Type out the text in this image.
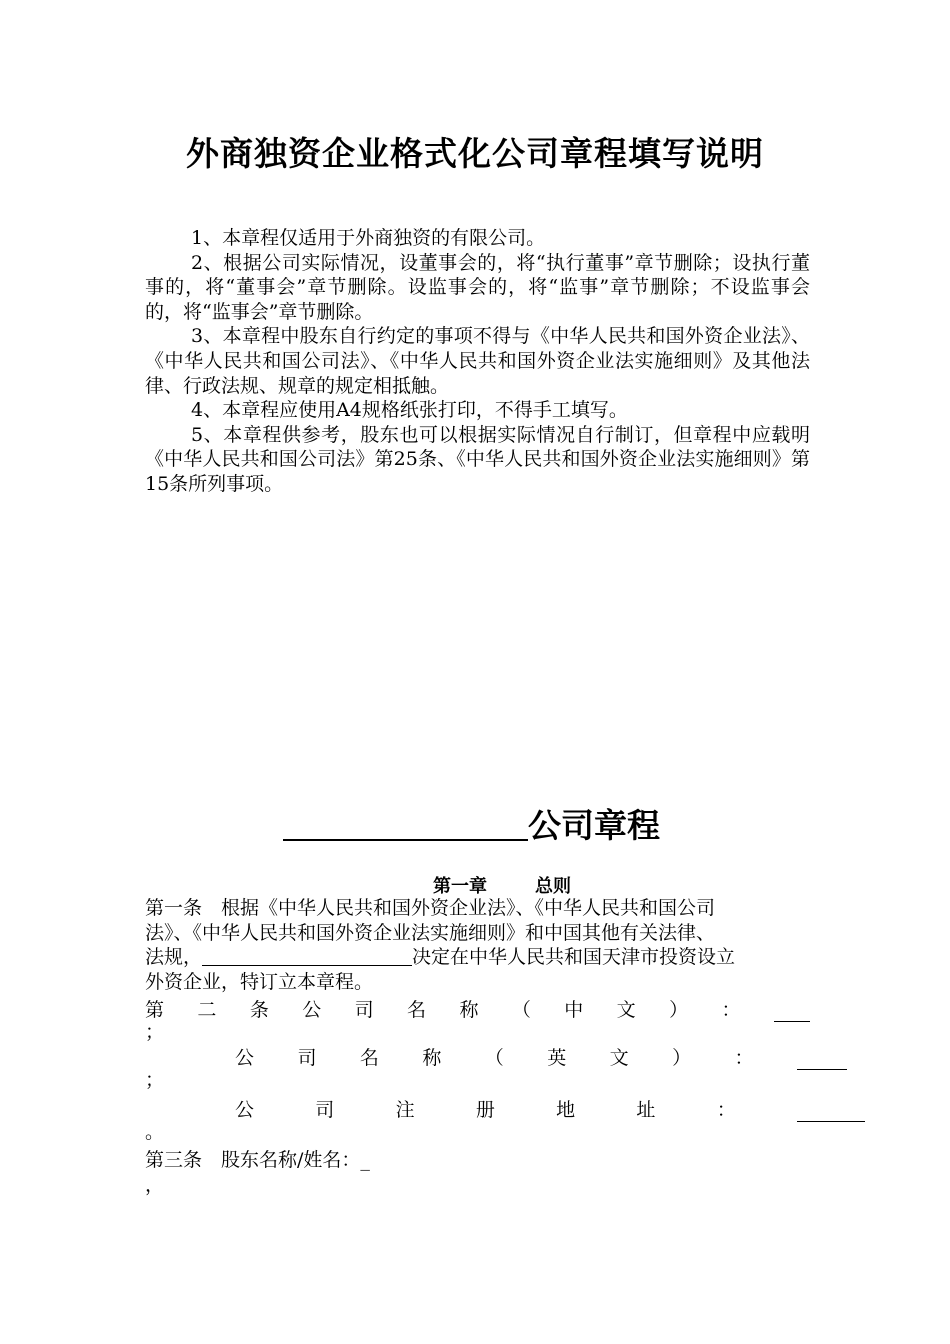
外商独资企业格式化公司章程填写说明

1、本章程仅适用于外商独资的有限公司。

2、根据公司实际情况，设董事会的，将“执行董事”章节删除；设执行董事的，将“董事会”章节删除。设监事会的，将“监事”章节删除；不设监事会的，将“监事会”章节删除。

3、本章程中股东自行约定的事项不得与《中华人民共和国外资企业法》、《中华人民共和国公司法》、《中华人民共和国外资企业法实施细则》及其他法律、行政法规、规章的规定相抵触。

4、本章程应使用A4规格纸张打印，不得手工填写。

5、本章程供参考，股东也可以根据实际情况自行制订，但章程中应载明《中华人民共和国公司法》第25条、《中华人民共和国外资企业法实施细则》第15条所列事项。

公司章程
第一章	总则
第一条　根据《中华人民共和国外资企业法》、《中华人民共和国公司
法》、《中华人民共和国外资企业法实施细则》和中国其他有关法律、
法规，	决定在中华人民共和国天津市投资设立
外资企业，特订立本章程。
第 二 条 公 司 名 称 （ 中 文 ） ：
；
公 司 名 称 （ 英 文 ） ：
；
公	司	注	册	地	址	：
。
第三条　股东名称/姓名：_
，
